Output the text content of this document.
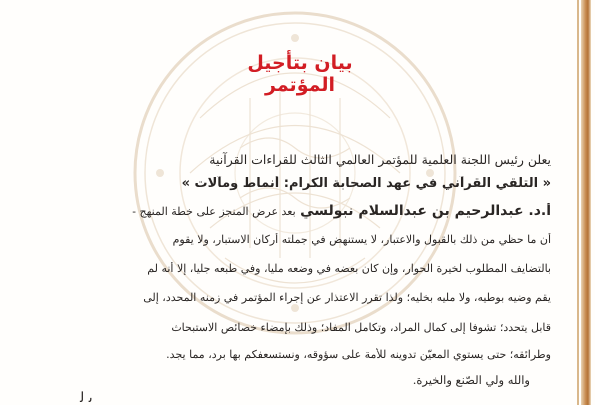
بيان بتأجيل المؤتمر
يعلن رئيس اللجنة العلمية للمؤتمر العالمي الثالث للقراءات القرآنية
« التلقي القرآني في عهد الصحابة الكرام: أنماط ومآلات »
أ.د. عبدالرحيم بن عبدالسلام نبولسي بعد عرض المنجز على خطة المنهج -
أن ما حظي من ذلك بالقبول والاعتبار، لا يستنهض في جملته أركان الاستبار، ولا يقوم
بالتضايف المطلوب لخيرة الحوار، وإن كان بعضه في وضعه مليا، وفي طبعه جليا، إلا أنه لم
يقم وضيه بوطيه، ولا مليه بخليه؛ ولذا تقرر الاعتذار عن إجراء المؤتمر في زمنه المحدد، إلى
قابل يتحدد؛ تشوفا إلى كمال المراد، وتكامل المفاد؛ وذلك بإمضاء خصائص الاستبحاث
وطرائقه؛ حتى يستوي المعيّن تدوينه للأمة على سؤوقه، ونستسعفكم بها برد، مما يجد.
والله ولي الصّنع والخيرة.
ﯨ ﻟ
